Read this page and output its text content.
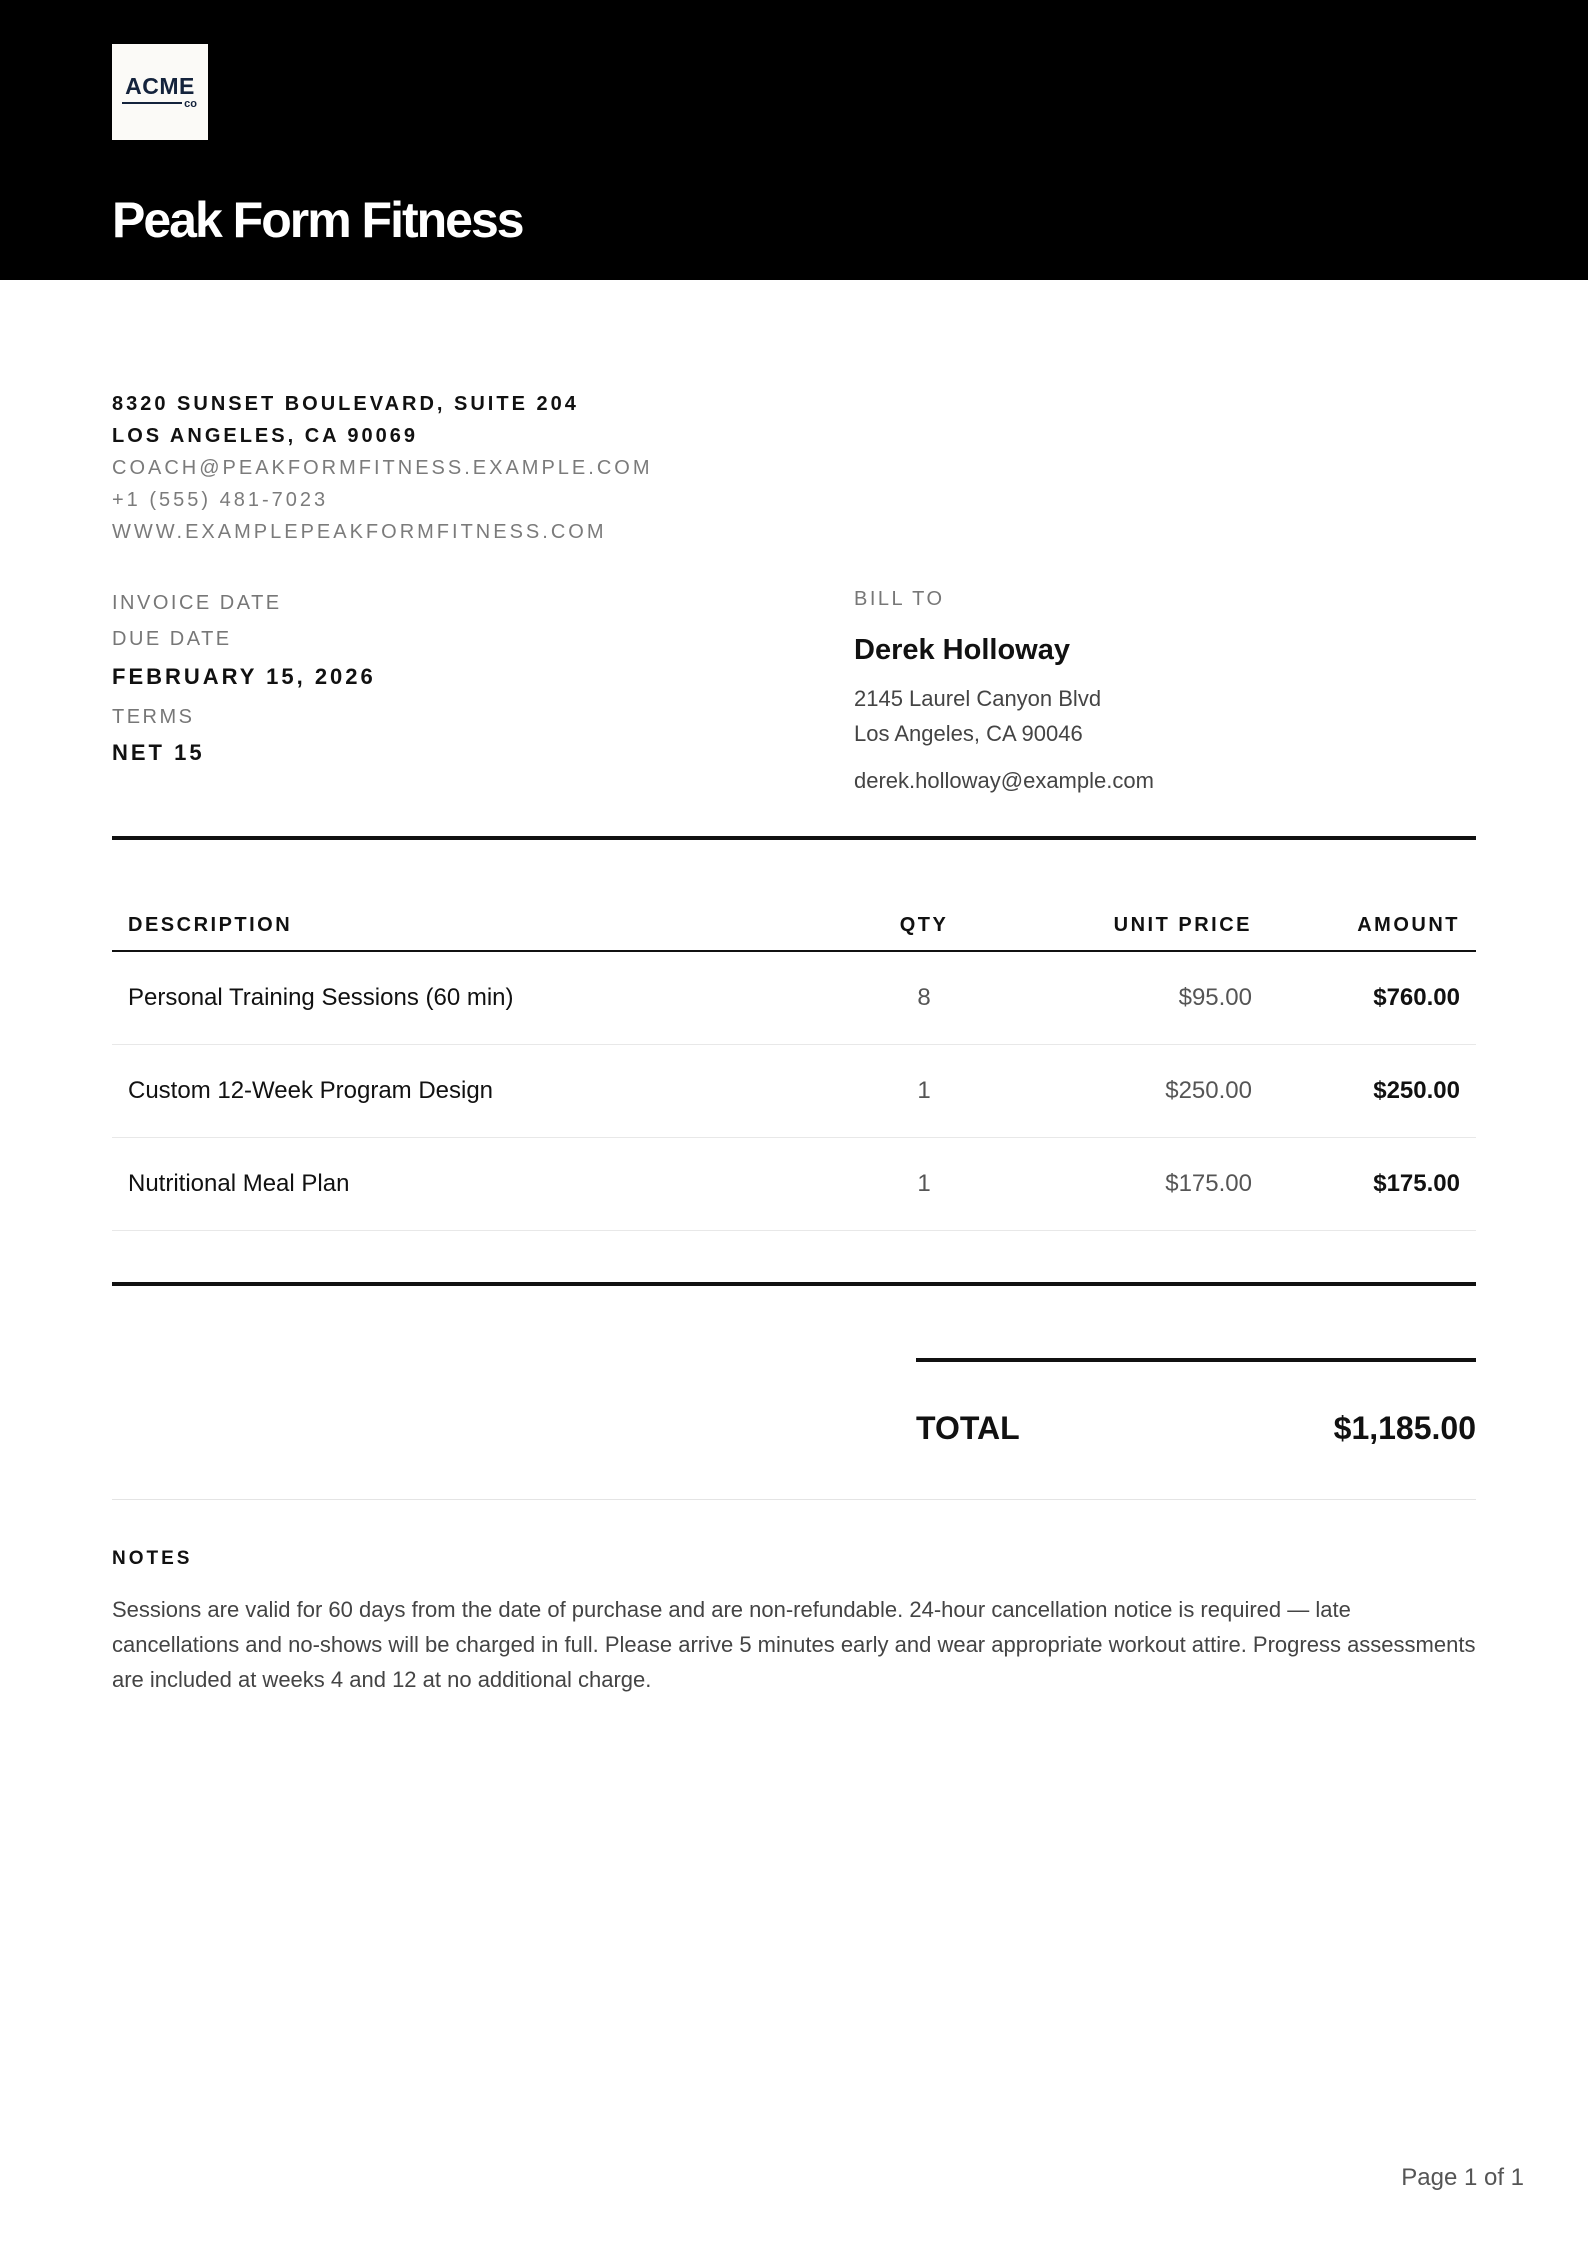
ACME
co
Peak Form Fitness
8320 SUNSET BOULEVARD, SUITE 204
LOS ANGELES, CA 90069
COACH@PEAKFORMFITNESS.EXAMPLE.COM
+1 (555) 481-7023
WWW.EXAMPLEPEAKFORMFITNESS.COM
INVOICE DATE
DUE DATE
FEBRUARY 15, 2026
TERMS
NET 15
BILL TO
Derek Holloway
2145 Laurel Canyon Blvd
Los Angeles, CA 90046
derek.holloway@example.com
DESCRIPTION	QTY	UNIT PRICE	AMOUNT
Personal Training Sessions (60 min)	8	$95.00	$760.00
Custom 12-Week Program Design	1	$250.00	$250.00
Nutritional Meal Plan	1	$175.00	$175.00
TOTAL	$1,185.00
NOTES

Sessions are valid for 60 days from the date of purchase and are non-refundable. 24-hour cancellation notice is required — late cancellations and no-shows will be charged in full. Please arrive 5 minutes early and wear appropriate workout attire. Progress assessments are included at weeks 4 and 12 at no additional charge.

Page 1 of 1
